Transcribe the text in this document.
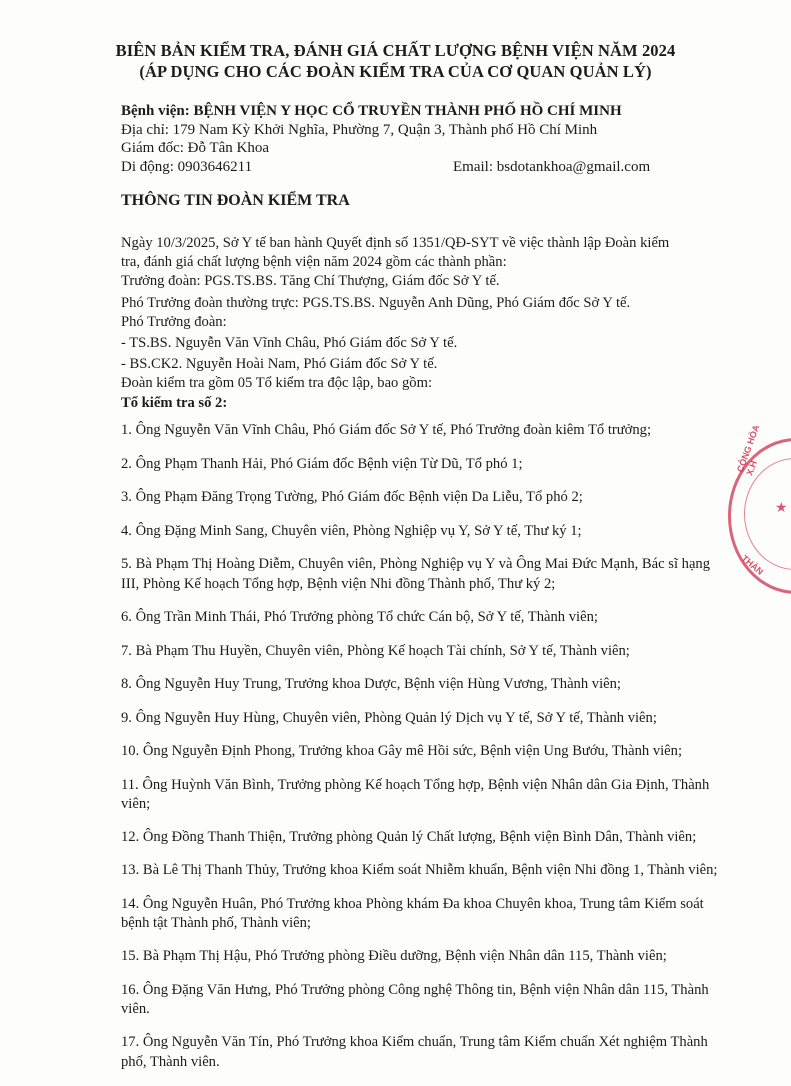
BIÊN BẢN KIỂM TRA, ĐÁNH GIÁ CHẤT LƯỢNG BỆNH VIỆN NĂM 2024
(ÁP DỤNG CHO CÁC ĐOÀN KIỂM TRA CỦA CƠ QUAN QUẢN LÝ)
Bệnh viện: BỆNH VIỆN Y HỌC CỔ TRUYỀN THÀNH PHỐ HỒ CHÍ MINH
Địa chỉ: 179 Nam Kỳ Khởi Nghĩa, Phường 7, Quận 3, Thành phố Hồ Chí Minh
Giám đốc: Đỗ Tân Khoa
Di động: 0903646211	Email: bsdotankhoa@gmail.com
THÔNG TIN ĐOÀN KIỂM TRA
Ngày 10/3/2025, Sở Y tế ban hành Quyết định số 1351/QĐ-SYT về việc thành lập Đoàn kiểm
tra, đánh giá chất lượng bệnh viện năm 2024 gồm các thành phần:
Trưởng đoàn: PGS.TS.BS. Tăng Chí Thượng, Giám đốc Sở Y tế.
Phó Trưởng đoàn thường trực: PGS.TS.BS. Nguyễn Anh Dũng, Phó Giám đốc Sở Y tế.
Phó Trưởng đoàn:
- TS.BS. Nguyễn Văn Vĩnh Châu, Phó Giám đốc Sở Y tế.
- BS.CK2. Nguyễn Hoài Nam, Phó Giám đốc Sở Y tế.
Đoàn kiểm tra gồm 05 Tổ kiểm tra độc lập, bao gồm:
Tổ kiểm tra số 2:
1. Ông Nguyễn Văn Vĩnh Châu, Phó Giám đốc Sở Y tế, Phó Trưởng đoàn kiêm Tổ trưởng;
2. Ông Phạm Thanh Hải, Phó Giám đốc Bệnh viện Từ Dũ, Tổ phó 1;
3. Ông Phạm Đăng Trọng Tường, Phó Giám đốc Bệnh viện Da Liễu, Tổ phó 2;
4. Ông Đặng Minh Sang, Chuyên viên, Phòng Nghiệp vụ Y, Sở Y tế, Thư ký 1;
5. Bà Phạm Thị Hoàng Diễm, Chuyên viên, Phòng Nghiệp vụ Y và Ông Mai Đức Mạnh, Bác sĩ hạng III, Phòng Kế hoạch Tổng hợp, Bệnh viện Nhi đồng Thành phố, Thư ký 2;
6. Ông Trần Minh Thái, Phó Trưởng phòng Tổ chức Cán bộ, Sở Y tế, Thành viên;
7. Bà Phạm Thu Huyền, Chuyên viên, Phòng Kế hoạch Tài chính, Sở Y tế, Thành viên;
8. Ông Nguyễn Huy Trung, Trưởng khoa Dược, Bệnh viện Hùng Vương, Thành viên;
9. Ông Nguyễn Huy Hùng, Chuyên viên, Phòng Quản lý Dịch vụ Y tế, Sở Y tế, Thành viên;
10. Ông Nguyễn Định Phong, Trưởng khoa Gây mê Hồi sức, Bệnh viện Ung Bướu, Thành viên;
11. Ông Huỳnh Văn Bình, Trưởng phòng Kế hoạch Tổng hợp, Bệnh viện Nhân dân Gia Định, Thành viên;
12. Ông Đồng Thanh Thiện, Trưởng phòng Quản lý Chất lượng, Bệnh viện Bình Dân, Thành viên;
13. Bà Lê Thị Thanh Thủy, Trưởng khoa Kiểm soát Nhiễm khuẩn, Bệnh viện Nhi đồng 1, Thành viên;
14. Ông Nguyễn Huân, Phó Trưởng khoa Phòng khám Đa khoa Chuyên khoa, Trung tâm Kiểm soát bệnh tật Thành phố, Thành viên;
15. Bà Phạm Thị Hậu, Phó Trưởng phòng Điều dưỡng, Bệnh viện Nhân dân 115, Thành viên;
16. Ông Đặng Văn Hưng, Phó Trưởng phòng Công nghệ Thông tin, Bệnh viện Nhân dân 115, Thành viên.
17. Ông Nguyễn Văn Tín, Phó Trưởng khoa Kiểm chuẩn, Trung tâm Kiểm chuẩn Xét nghiệm Thành phố, Thành viên.
CỘNG HÒA X.H
THÀN
★
